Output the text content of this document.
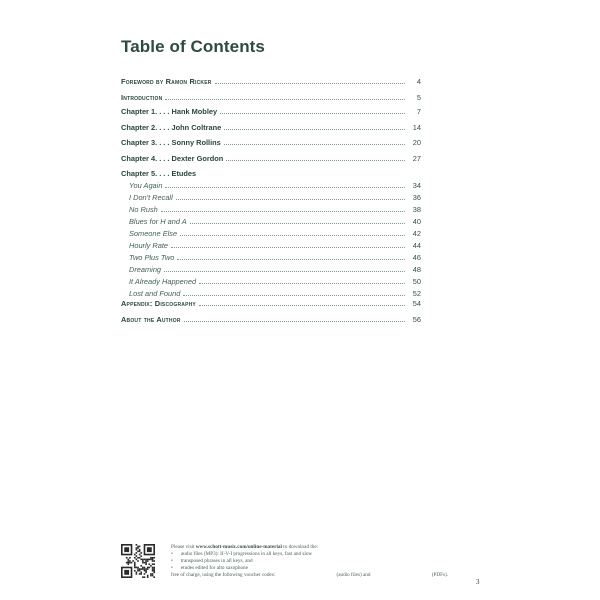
Table of Contents
Foreword by Ramon Ricker	4
Introduction	5
Chapter 1. . . . Hank Mobley	7
Chapter 2. . . . John Coltrane	14
Chapter 3. . . . Sonny Rollins	20
Chapter 4. . . . Dexter Gordon	27
Chapter 5. . . . Etudes
You Again	34
I Don't Recall	36
No Rush	38
Blues for H and A	40
Someone Else	42
Hourly Rate	44
Two Plus Two	46
Dreaming	48
It Already Happened	50
Lost and Found	52
Appendix: Discography	54
About the Author	56
Please visit www.schott-music.com/online-material to download the:
• audio files (MP3): II-V-I progressions in all keys, fast and slow
• transposed phrases in all keys, and
• etudes edited for alto saxophone
free of charge, using the following voucher codes:	(audio files) and	(PDFs).
3
